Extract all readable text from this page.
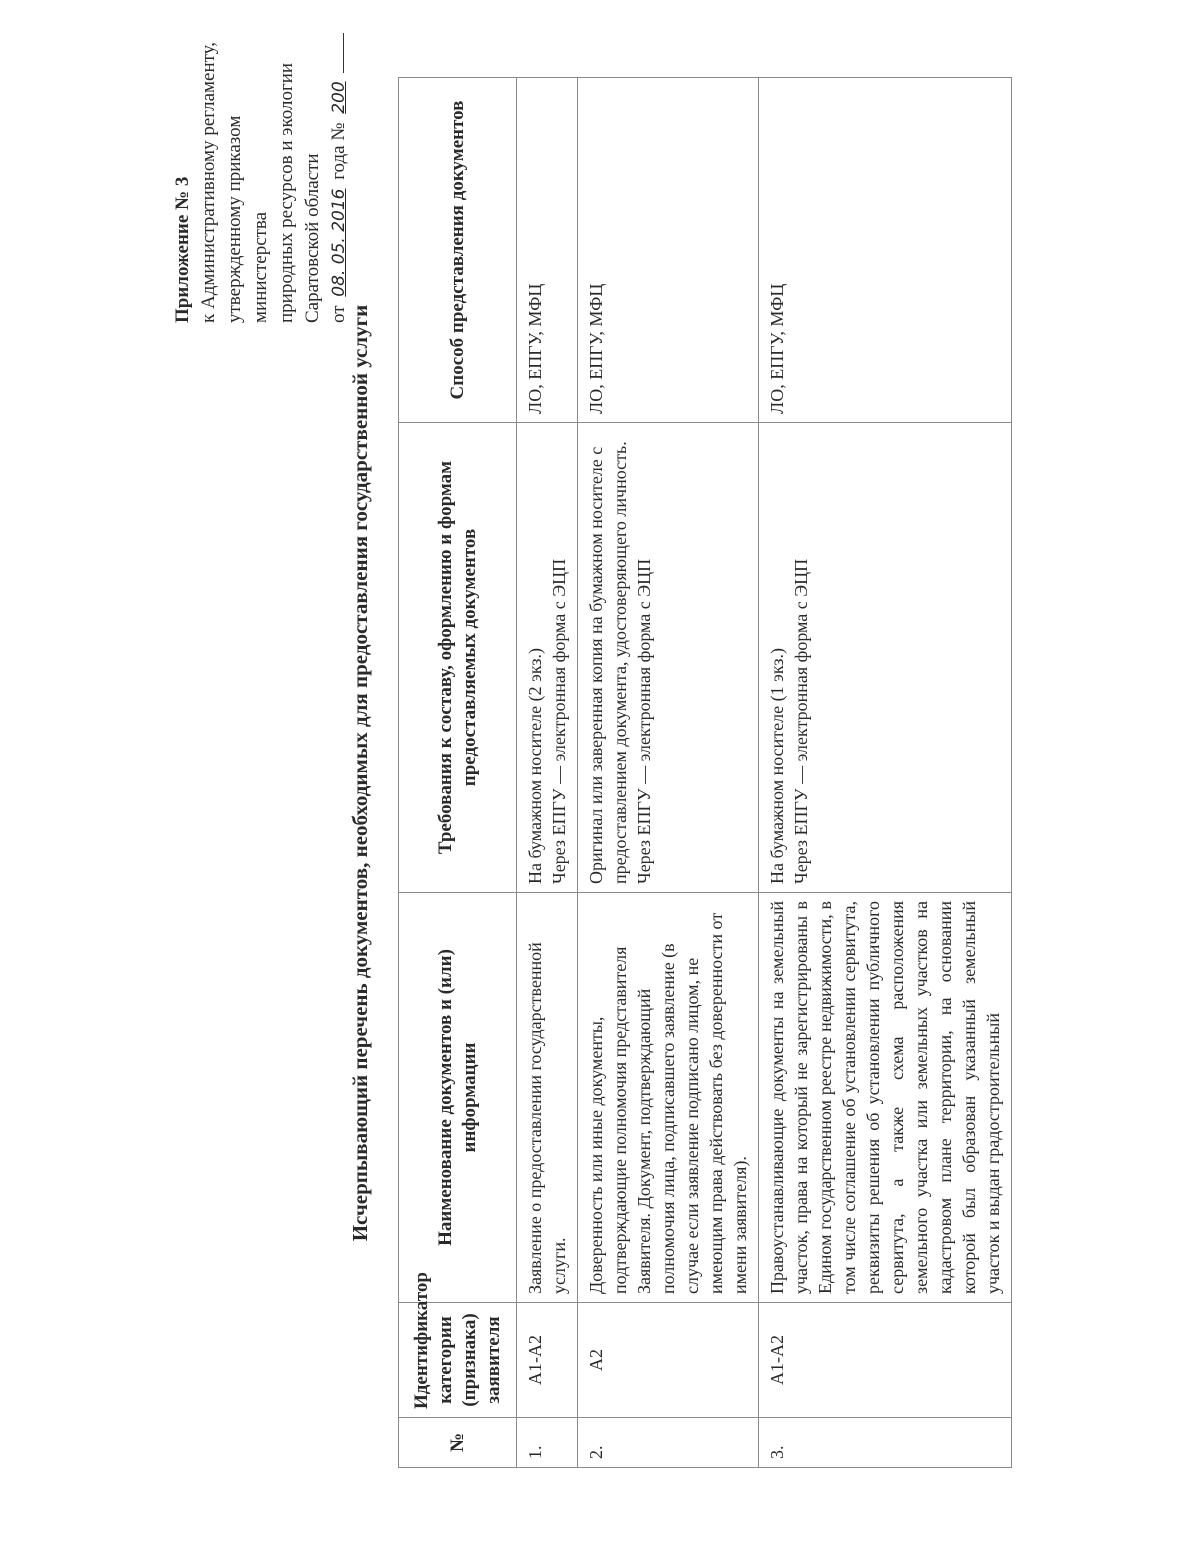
Приложение № 3 к Административному регламенту, утвержденному приказом министерства природных ресурсов и экологии Саратовской области от 08. 05. 2016 года № 200
Исчерпывающий перечень документов, необходимых для предоставления государственной услуги
№	Идентификатор категории (признака) заявителя	Наименование документов и (или) информации	Требования к составу, оформлению и формам предоставляемых документов	Способ представления документов
1.	А1-А2	Заявление о предоставлении государственной услуги.	На бумажном носителе (2 экз.) Через ЕПГУ — электронная форма с ЭЦП	ЛО, ЕПГУ, МФЦ
2.	А2	Доверенность или иные документы, подтверждающие полномочия представителя Заявителя. Документ, подтверждающий полномочия лица, подписавшего заявление (в случае если заявление подписано лицом, не имеющим права действовать без доверенности от имени заявителя).	Оригинал или заверенная копия на бумажном носителе с предоставлением документа, удостоверяющего личность. Через ЕПГУ — электронная форма с ЭЦП	ЛО, ЕПГУ, МФЦ
3.	А1-А2	Правоустанавливающие документы на земельный участок, права на который не зарегистрированы в Едином государственном реестре недвижимости, в том числе соглашение об установлении сервитута, реквизиты решения об установлении публичного сервитута, а также схема расположения земельного участка или земельных участков на кадастровом плане территории, на основании которой был образован указанный земельный участок и выдан градостроительный	На бумажном носителе (1 экз.) Через ЕПГУ — электронная форма с ЭЦП	ЛО, ЕПГУ, МФЦ
